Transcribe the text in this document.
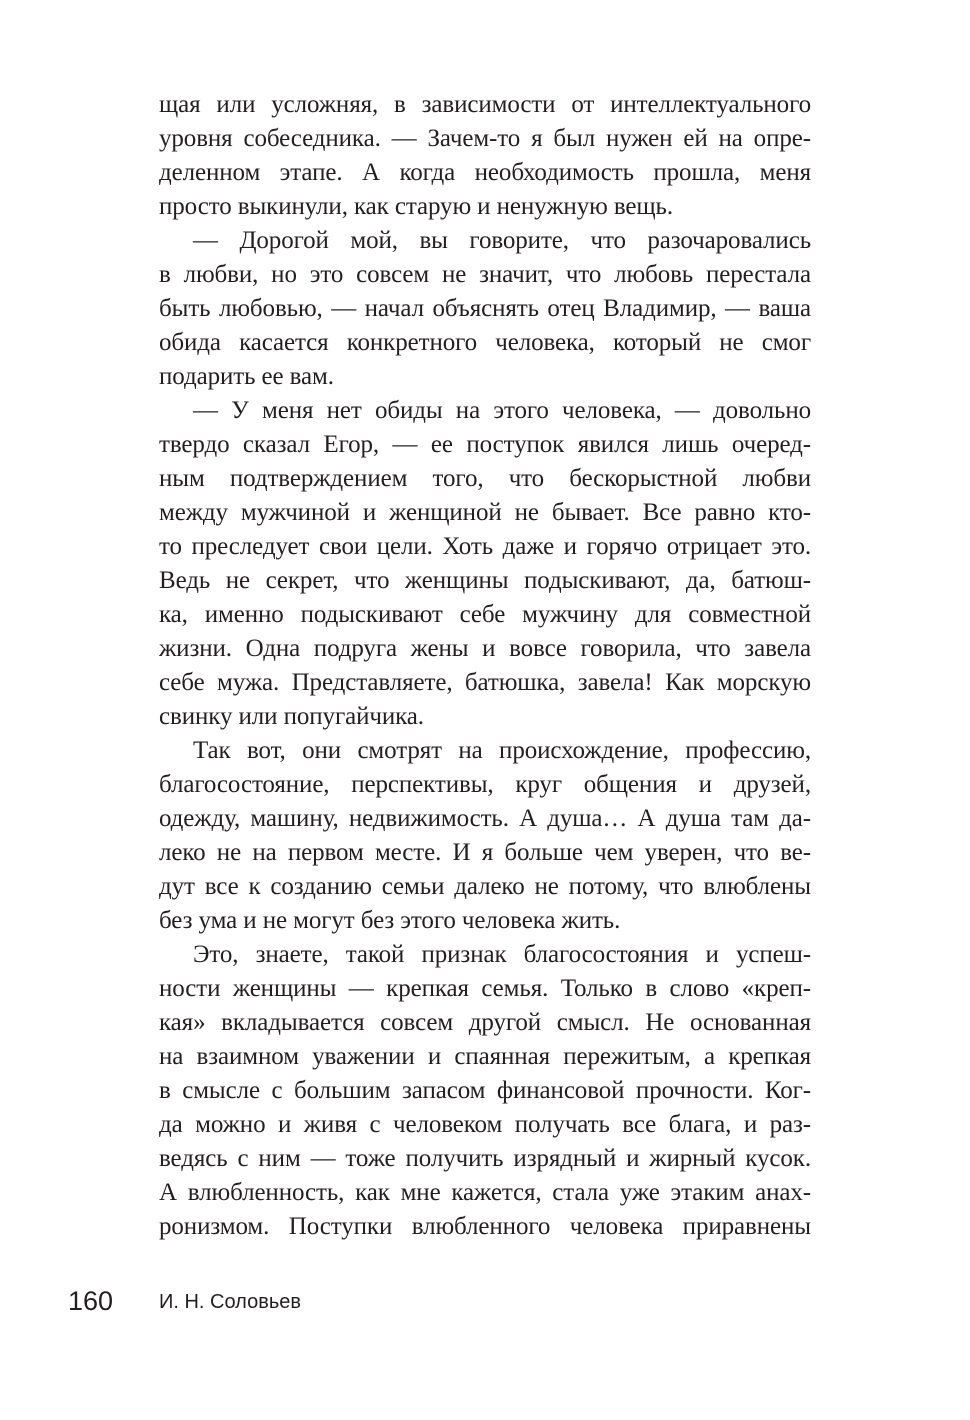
щая или усложняя, в зависимости от интеллектуального
уровня собеседника. — Зачем-то я был нужен ей на опре-
деленном этапе. А когда необходимость прошла, меня
просто выкинули, как старую и ненужную вещь.

— Дорогой мой, вы говорите, что разочаровались
в любви, но это совсем не значит, что любовь перестала
быть любовью, — начал объяснять отец Владимир, — ваша
обида касается конкретного человека, который не смог
подарить ее вам.

— У меня нет обиды на этого человека, — довольно
твердо сказал Егор, — ее поступок явился лишь очеред-
ным подтверждением того, что бескорыстной любви
между мужчиной и женщиной не бывает. Все равно кто-
то преследует свои цели. Хоть даже и горячо отрицает это.
Ведь не секрет, что женщины подыскивают, да, батюш-
ка, именно подыскивают себе мужчину для совместной
жизни. Одна подруга жены и вовсе говорила, что завела
себе мужа. Представляете, батюшка, завела! Как морскую
свинку или попугайчика.

Так вот, они смотрят на происхождение, профессию,
благосостояние, перспективы, круг общения и друзей,
одежду, машину, недвижимость. А душа… А душа там да-
леко не на первом месте. И я больше чем уверен, что ве-
дут все к созданию семьи далеко не потому, что влюблены
без ума и не могут без этого человека жить.

Это, знаете, такой признак благосостояния и успеш-
ности женщины — крепкая семья. Только в слово «креп-
кая» вкладывается совсем другой смысл. Не основанная
на взаимном уважении и спаянная пережитым, а крепкая
в смысле с большим запасом финансовой прочности. Ког-
да можно и живя с человеком получать все блага, и раз-
ведясь с ним — тоже получить изрядный и жирный кусок.
А влюбленность, как мне кажется, стала уже этаким анах-
ронизмом. Поступки влюбленного человека приравнены

160 И. Н. Соловьев
